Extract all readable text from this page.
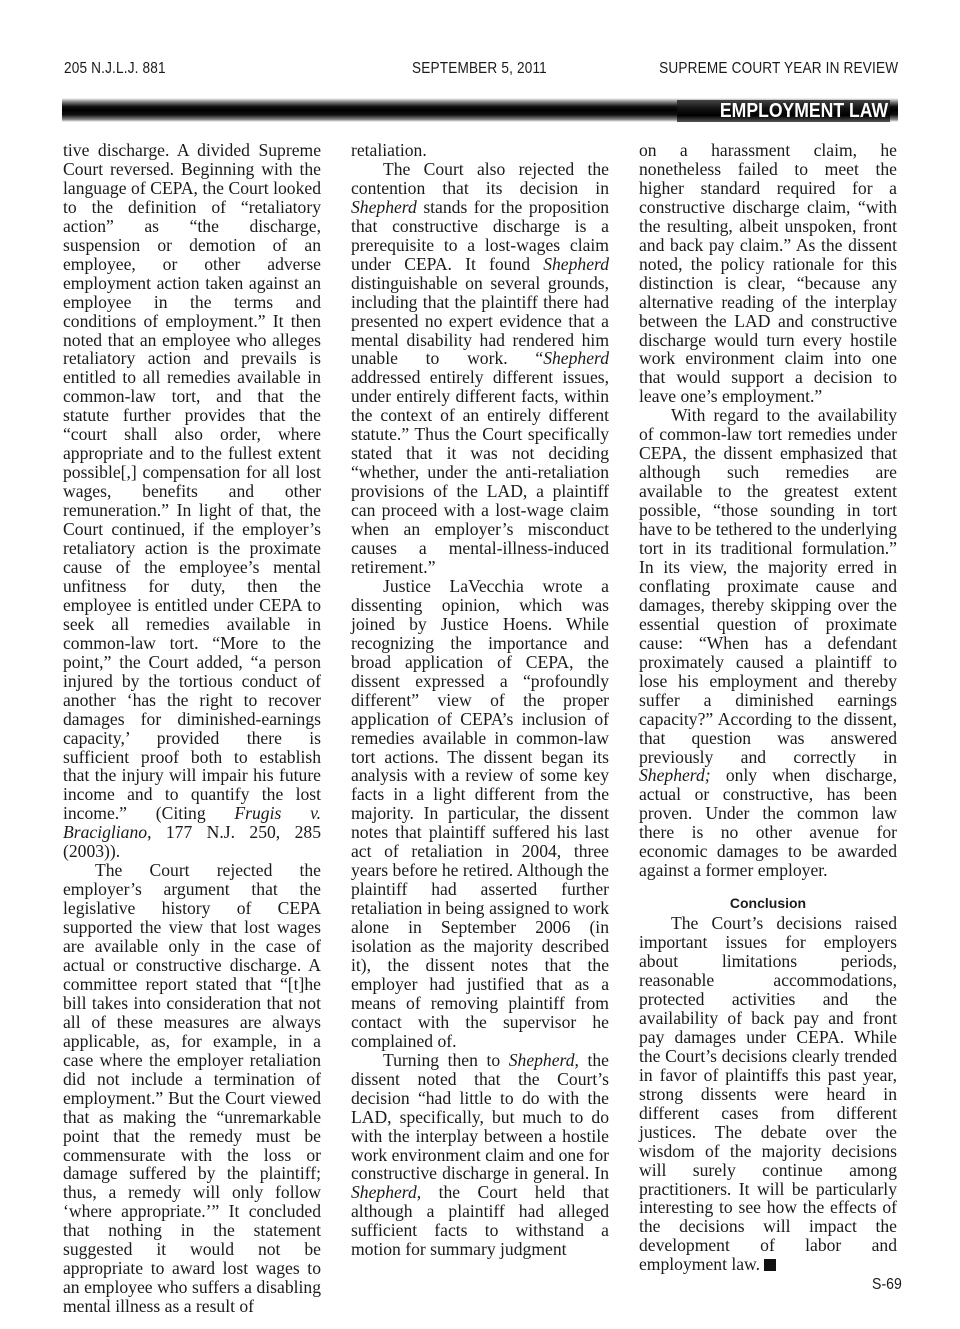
205 N.J.L.J. 881	SEPTEMBER 5, 2011	SUPREME COURT YEAR IN REVIEW
EMPLOYMENT LAW

tive discharge. A divided Supreme Court reversed. Beginning with the language of CEPA, the Court looked to the definition of “retaliatory action” as “the discharge, suspension or demotion of an employee, or other adverse employment action taken against an employee in the terms and conditions of employment.” It then noted that an employee who alleges retaliatory action and prevails is entitled to all remedies available in common-law tort, and that the statute further provides that the “court shall also order, where appropriate and to the fullest extent possible[,] compensation for all lost wages, benefits and other remuneration.” In light of that, the Court continued, if the employer’s retaliatory action is the proximate cause of the employee’s mental unfitness for duty, then the employee is entitled under CEPA to seek all remedies available in common-law tort. “More to the point,” the Court added, “a person injured by the tortious conduct of another ‘has the right to recover damages for diminished-earnings capacity,’ provided there is sufficient proof both to establish that the injury will impair his future income and to quantify the lost income.” (Citing Frugis v. Bracigliano, 177 N.J. 250, 285 (2003)).

The Court rejected the employer’s argument that the legislative history of CEPA supported the view that lost wages are available only in the case of actual or constructive discharge. A committee report stated that “[t]he bill takes into consideration that not all of these measures are always applicable, as, for example, in a case where the employer retaliation did not include a termination of employment.” But the Court viewed that as making the “unremarkable point that the remedy must be commensurate with the loss or damage suffered by the plaintiff; thus, a remedy will only follow ‘where appropriate.’” It concluded that nothing in the statement suggested it would not be appropriate to award lost wages to an employee who suffers a disabling mental illness as a result of

retaliation.

The Court also rejected the contention that its decision in Shepherd stands for the proposition that constructive discharge is a prerequisite to a lost-wages claim under CEPA. It found Shepherd distinguishable on several grounds, including that the plaintiff there had presented no expert evidence that a mental disability had rendered him unable to work. “Shepherd addressed entirely different issues, under entirely different facts, within the context of an entirely different statute.” Thus the Court specifically stated that it was not deciding “whether, under the anti-retaliation provisions of the LAD, a plaintiff can proceed with a lost-wage claim when an employer’s misconduct causes a mental-illness-induced retirement.”

Justice LaVecchia wrote a dissenting opinion, which was joined by Justice Hoens. While recognizing the importance and broad application of CEPA, the dissent expressed a “profoundly different” view of the proper application of CEPA’s inclusion of remedies available in common-law tort actions. The dissent began its analysis with a review of some key facts in a light different from the majority. In particular, the dissent notes that plaintiff suffered his last act of retaliation in 2004, three years before he retired. Although the plaintiff had asserted further retaliation in being assigned to work alone in September 2006 (in isolation as the majority described it), the dissent notes that the employer had justified that as a means of removing plaintiff from contact with the supervisor he complained of.

Turning then to Shepherd, the dissent noted that the Court’s decision “had little to do with the LAD, specifically, but much to do with the interplay between a hostile work environment claim and one for constructive discharge in general. In Shepherd, the Court held that although a plaintiff had alleged sufficient facts to withstand a motion for summary judgment

on a harassment claim, he nonetheless failed to meet the higher standard required for a constructive discharge claim, “with the resulting, albeit unspoken, front and back pay claim.” As the dissent noted, the policy rationale for this distinction is clear, “because any alternative reading of the interplay between the LAD and constructive discharge would turn every hostile work environment claim into one that would support a decision to leave one’s employment.”

With regard to the availability of common-law tort remedies under CEPA, the dissent emphasized that although such remedies are available to the greatest extent possible, “those sounding in tort have to be tethered to the underlying tort in its traditional formulation.” In its view, the majority erred in conflating proximate cause and damages, thereby skipping over the essential question of proximate cause: “When has a defendant proximately caused a plaintiff to lose his employment and thereby suffer a diminished earnings capacity?” According to the dissent, that question was answered previously and correctly in Shepherd; only when discharge, actual or constructive, has been proven. Under the common law there is no other avenue for economic damages to be awarded against a former employer.

Conclusion

The Court’s decisions raised important issues for employers about limitations periods, reasonable accommodations, protected activities and the availability of back pay and front pay damages under CEPA. While the Court’s decisions clearly trended in favor of plaintiffs this past year, strong dissents were heard in different cases from different justices. The debate over the wisdom of the majority decisions will surely continue among practitioners. It will be particularly interesting to see how the effects of the decisions will impact the development of labor and employment law.

S-69
